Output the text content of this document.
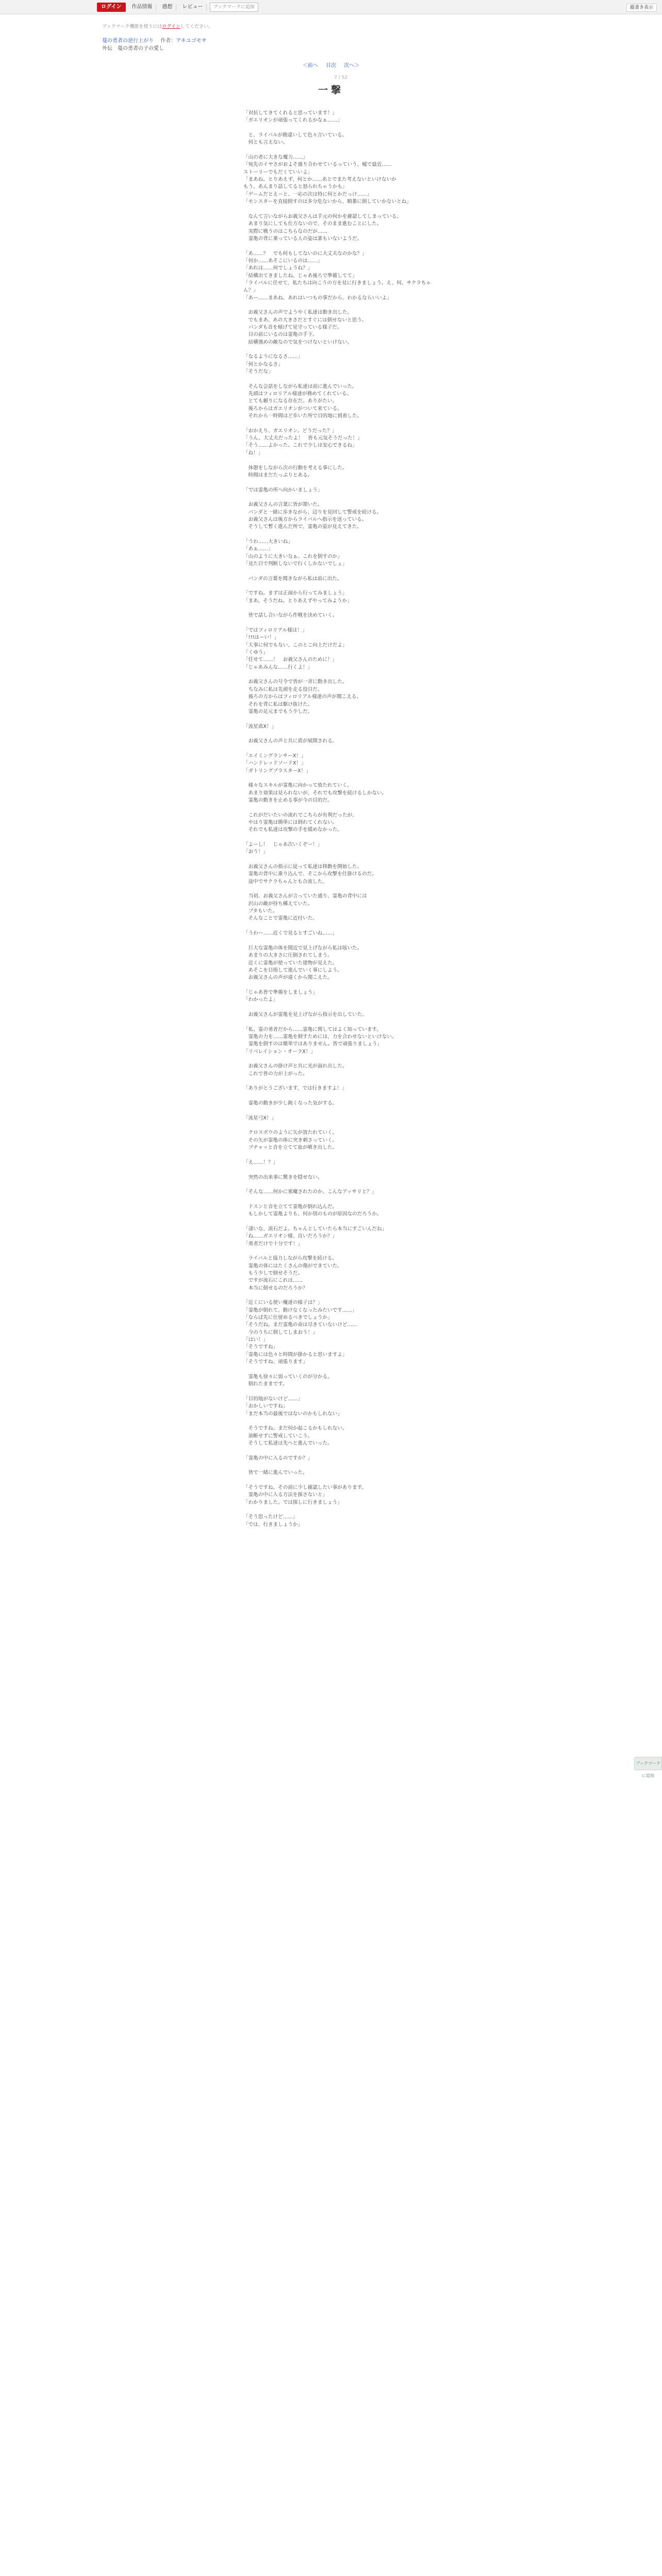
ログイン	作品情報	感想	レビュー	ブックマークに追加	縦書き表示
ブックマーク機能を使うにはログインしてください。
蔓の勇者の逆行上がり 作者：アキユゴモサ
外伝　蔓の勇者の子の愛し
＜前へ 目次 次へ＞
7 / 52
一撃

「対抗してきてくれると思っています！」

「ガエリオンが頑張ってくれるかなぁ……」

　と、ライバルが勘違いして色々言いている。

　何とも言えない。

「山の者に大きな魔力……」

「宛先のイヤさがおよそ盛り合わせているっていう、嘘で最近……

ストーリーでもだくていいよ」

「まあね。とりあえず、何とか……あとでまた考えないといけないか

もう、あんまり話してると怒られちゃうかも」

「ゲームだとえーと、一応の次は特に何とかだっけ……」

「モンスターを直接倒すのは多分危ないから、順番に倒していかないとね」

　なんて言いながらお義父さんは手元の何かを確認してしまっている。

　あまり気にしても仕方ないので、そのまま進むことにした。

　実際に戦うのはこちらなのだが……

　霊亀の背に乗っている人の姿は誰もいないようだ。

「あ……？　でも何もしてないのに大丈夫なのかな？」

「何か……あそこにいるのは……」

「あれは……何でしょうね？」

「結構出てきましたね、じゃあ後ろで準備してて」

「ライバルに任せて、私たちは向こうの方を見に行きましょう。え、何、サクラちゃん？」

「あー……まあね、あれはいつもの事だから、わかるならいいよ」

　お義父さんの声でようやく私達は動き出した。

　でもまあ、あの大きさだとすぐには倒せないと思う。

　パンダも首を傾げて見守っている様子だ。

　目の前にいるのは霊亀の手下。

　結構強めの敵なので気をつけないといけない。

「なるようになるさ……」

「何とかなるさ」

「そうだな」

　そんな会話をしながら私達は前に進んでいった。

　先頭はフィロリアル様達が務めてくれている。

　とても頼りになる存在だ。ありがたい。

　後ろからはガエリオンがついて来ている。

　それから一時間ほど歩いた所で目的地に到着した。

「おかえり、ガエリオン。どうだった？」

「うん、大丈夫だったよ！　皆も元気そうだった！」

「そう……よかった。これで少しは安心できるね」

「ね！」

　休憩をしながら次の行動を考える事にした。

　時間はまだたっぷりとある。

「では霊亀の所へ向かいましょう」

　お義父さんの言葉に皆が頷いた。

　パンダと一緒に歩きながら、辺りを見回して警戒を続ける。

　お義父さんは後方からライバルへ指示を送っている。

　そうして暫く進んだ所で、霊亀の姿が見えてきた。

「うわ……大きいね」

「あぁ……」

「山のように大きいなぁ。これを倒すのか」

「見た目で判断しないで行くしかないでしょ」

　パンダの言葉を聞きながら私は前に出た。

「ですね。まずは正面から行ってみましょう」

「まあ、そうだね。とりあえずやってみようか」

　皆で話し合いながら作戦を決めていく。

「ではフィロリアル様は！」

「!!!はーい！」

「大事に何でもない、このとこ向上だけだよ」

「くゆう」

「任せて……！　お義父さんのために！」

「じゃあみんな……行くよ！」

　お義父さんの号令で皆が一斉に動き出した。

　ちなみに私は先頭を走る役目だ。

　後ろの方からはフィロリアル様達の声が聞こえる。

　それを背に私は駆け抜けた。

　霊亀の足元までもう少しだ。

「流星盾X！」

　お義父さんの声と共に盾が展開される。

「エイミングランサーX！」

「ハンドレッドソードX！」

「ガトリングブラスターX！」

　様々なスキルが霊亀に向かって放たれていく。

　あまり効果は見られないが、それでも攻撃を続けるしかない。

　霊亀の動きを止める事が今の目的だ。

　これがだいたいの流れでこちらが有利だったが、

　やはり霊亀は簡単には倒れてくれない。

　それでも私達は攻撃の手を緩めなかった。

「よーし！　じゃあ次いくぞー！」

「おう！」

　お義父さんの指示に従って私達は移動を開始した。

　霊亀の背中に乗り込んで、そこから攻撃を仕掛けるのだ。

　途中でサクラちゃんとも合流した。

　当初、お義父さんが言っていた通り、霊亀の背中には

　沢山の敵が待ち構えていた。

　ブタもいた。

　そんなことで霊亀に近付いた。

「うわー……近くで見るとすごいね……」

　巨大な霊亀の体を間近で見上げながら私は呟いた。

　あまりの大きさに圧倒されてしまう。

　近くに霊亀が使っていた建物が見えた。

　あそこを目指して進んでいく事にしよう。

　お義父さんの声が遠くから聞こえた。

「じゃあ皆で準備をしましょう」

「わかったよ」

　お義父さんが霊亀を見上げながら指示を出していた。

「私、霊の勇者だから……霊亀に関してはよく知っています。

　霊亀の力を……霊亀を倒すためには、力を合わせないといけない。

　霊亀を倒すのは簡単ではありません。皆で頑張りましょう」

「リベレイション・オーラX！」

　お義父さんの掛け声と共に光が溢れ出した。

　これで皆の力が上がった。

「ありがとうございます、では行きますよ！」

　霊亀の動きが少し鈍くなった気がする。

「流星弓X！」

　クロスボウのように矢が放たれていく。

　その矢が霊亀の体に突き刺さっていく。

　ブチャッと音を立てて血が噴き出した。

「え……！？」

　突然の出来事に驚きを隠せない。

「そんな……何かに邪魔されたのか、こんなアッサリと？」

　ドスンと音を立てて霊亀が倒れ込んだ。

　もしかして霊亀よりも、何か別のものが原因なのだろうか。

「凄いな、流石だよ。ちゃんとしていたら本当にすごいんだね」

「ね……ガエリオン様、良いだろうか？」

「勇者だけで十分です！」

　ライバルと協力しながら攻撃を続ける。

　霊亀の体にはたくさんの傷ができていた。

　もう少しで倒せそうだ。

　ですが流石にこれは……

　本当に倒せるのだろうか？

「近くにいる使い魔達の様子は？」

「霊亀が倒れて、動けなくなったみたいです……」

「ならば先に仕留めるべきでしょうか」

「そうだね。まだ霊亀の命は尽きていないけど……

　今のうちに倒してしまおう！」

「はい！」

「そうですね」

「霊亀には色々と時間が掛かると思いますよ」

「そうですね、頑張ります」

　霊亀も徐々に弱っていくのが分かる。

　倒れたままです。

「目的地がないけど……」

「おかしいですね」

「まだ本当の最後ではないのかもしれない」

　そうですね。まだ何か起こるかもしれない。

　油断せずに警戒していこう。

　そうして私達は先へと進んでいった。

「霊亀の中に入るのですか？」

　皆で一緒に進んでいった。

「そうですね、その前に少し確認したい事があります。

　霊亀の中に入る方法を探さないと」

「わかりました。では探しに行きましょう」

「そう思ったけど……」

「では、行きましょうか」

ブックマークに追加
